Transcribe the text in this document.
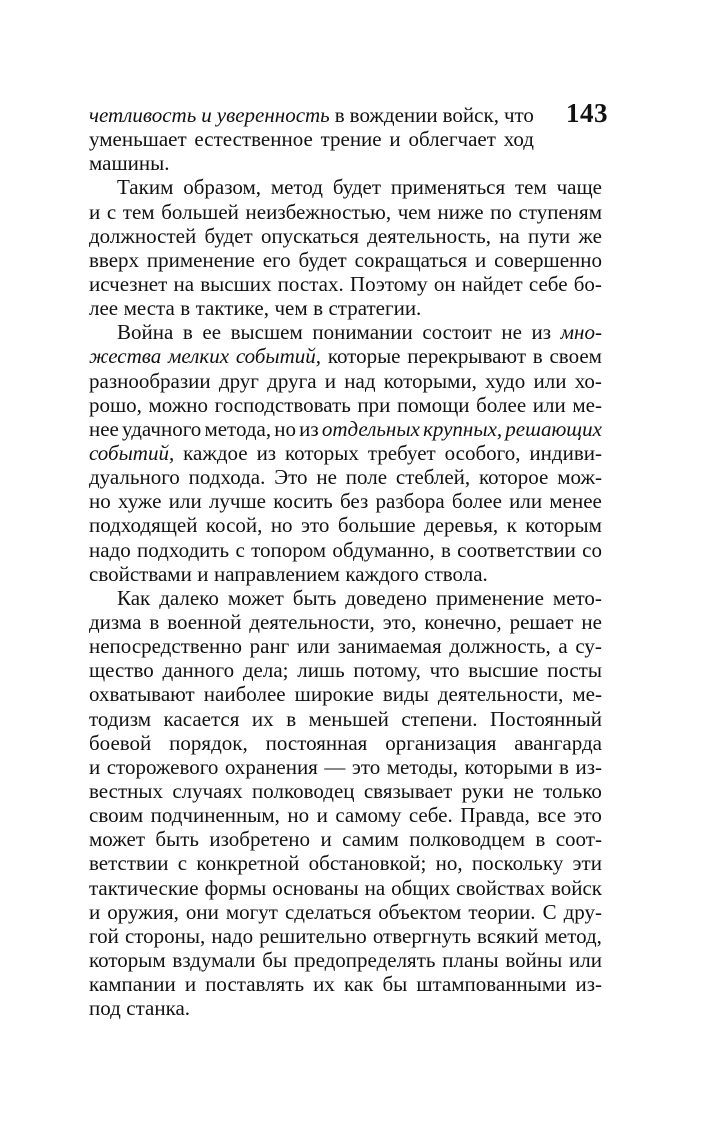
143
четливость и уверенность в вождении войск, что
уменьшает естественное трение и облегчает ход
машины.
Таким образом, метод будет применяться тем чаще
и с тем большей неизбежностью, чем ниже по ступеням
должностей будет опускаться деятельность, на пути же
вверх применение его будет сокращаться и совершенно
исчезнет на высших постах. Поэтому он найдет себе бо-
лее места в тактике, чем в стратегии.
Война в ее высшем понимании состоит не из мно-
жества мелких событий, которые перекрывают в своем
разнообразии друг друга и над которыми, худо или хо-
рошо, можно господствовать при помощи более или ме-
нее удачного метода, но из отдельных крупных, решающих
событий, каждое из которых требует особого, индиви-
дуального подхода. Это не поле стеблей, которое мож-
но хуже или лучше косить без разбора более или менее
подходящей косой, но это большие деревья, к которым
надо подходить с топором обдуманно, в соответствии со
свойствами и направлением каждого ствола.
Как далеко может быть доведено применение мето-
дизма в военной деятельности, это, конечно, решает не
непосредственно ранг или занимаемая должность, а су-
щество данного дела; лишь потому, что высшие посты
охватывают наиболее широкие виды деятельности, ме-
тодизм касается их в меньшей степени. Постоянный
боевой порядок, постоянная организация авангарда
и сторожевого охранения — это методы, которыми в из-
вестных случаях полководец связывает руки не только
своим подчиненным, но и самому себе. Правда, все это
может быть изобретено и самим полководцем в соот-
ветствии с конкретной обстановкой; но, поскольку эти
тактические формы основаны на общих свойствах войск
и оружия, они могут сделаться объектом теории. С дру-
гой стороны, надо решительно отвергнуть всякий метод,
которым вздумали бы предопределять планы войны или
кампании и поставлять их как бы штампованными из-
под станка.
